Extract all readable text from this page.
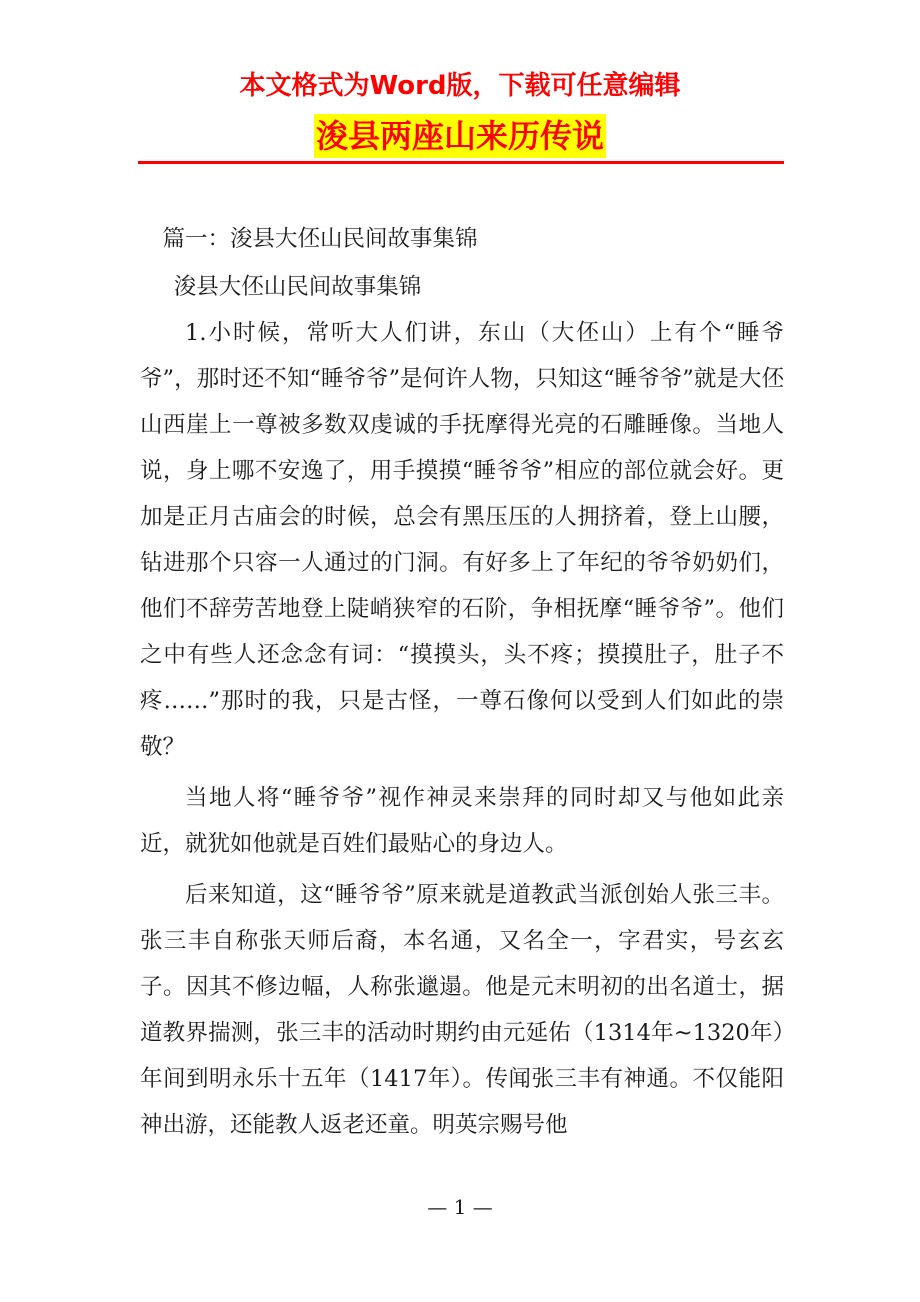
本文格式为Word版，下载可任意编辑
浚县两座山来历传说

篇一：浚县大伾山民间故事集锦

浚县大伾山民间故事集锦

1.小时候，常听大人们讲，东山（大伾山）上有个“睡爷爷”，那时还不知“睡爷爷”是何许人物，只知这“睡爷爷”就是大伾山西崖上一尊被多数双虔诚的手抚摩得光亮的石雕睡像。当地人说，身上哪不安逸了，用手摸摸“睡爷爷”相应的部位就会好。更加是正月古庙会的时候，总会有黑压压的人拥挤着，登上山腰，钻进那个只容一人通过的门洞。有好多上了年纪的爷爷奶奶们，他们不辞劳苦地登上陡峭狭窄的石阶，争相抚摩“睡爷爷”。他们之中有些人还念念有词：“摸摸头，头不疼；摸摸肚子，肚子不疼……”那时的我，只是古怪，一尊石像何以受到人们如此的崇敬？

当地人将“睡爷爷”视作神灵来崇拜的同时却又与他如此亲近，就犹如他就是百姓们最贴心的身边人。

后来知道，这“睡爷爷”原来就是道教武当派创始人张三丰。张三丰自称张天师后裔，本名通，又名全一，字君实，号玄玄子。因其不修边幅，人称张邋遢。他是元末明初的出名道士，据道教界揣测，张三丰的活动时期约由元延佑（1314年~1320年）年间到明永乐十五年（1417年）。传闻张三丰有神通。不仅能阳神出游，还能教人返老还童。明英宗赐号他

— 1 —
